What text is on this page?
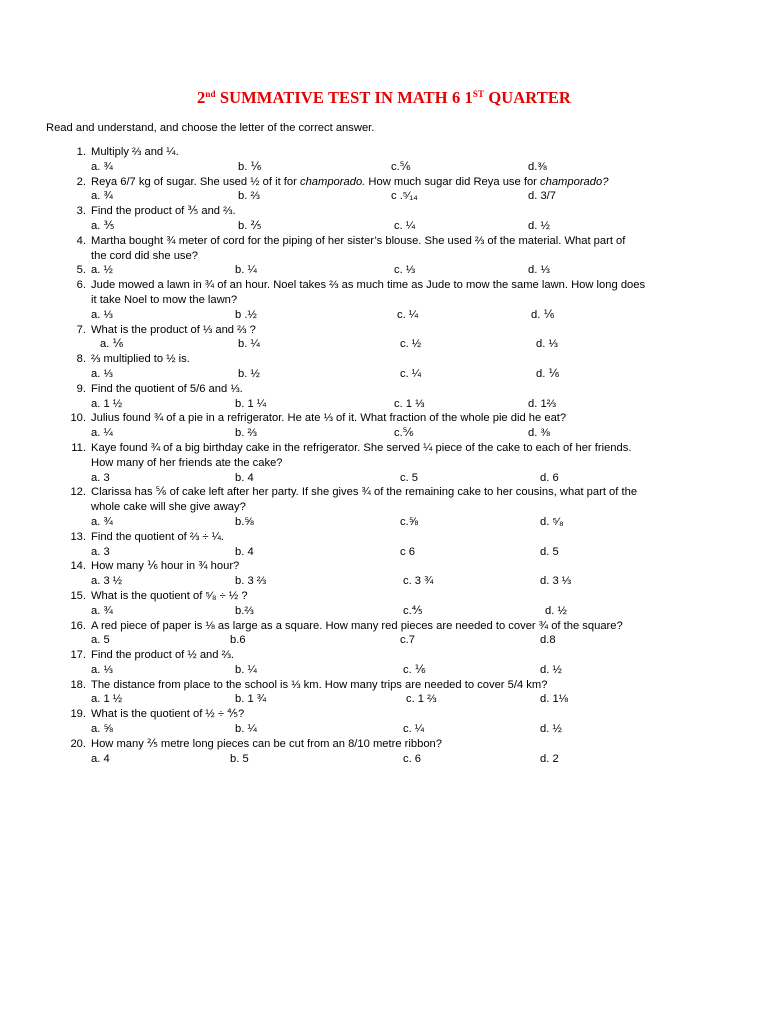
2nd SUMMATIVE TEST IN MATH 6 1ST QUARTER
Read and understand, and choose the letter of the correct answer.
1. Multiply ⅔ and ¼.
a. ¾	b. ⅙	c.⅚	d.⅜
2. Reya 6/7 kg of sugar. She used ½ of it for champorado. How much sugar did Reya use for champorado?
a. ¾	b. ⅔	c .⁵⁄₁₄	d. 3/7
3. Find the product of ⅗ and ⅔.
a. ⅗	b. ⅖	c. ¼	d. ½
4. Martha bought ¾ meter of cord for the piping of her sister’s blouse. She used ⅔ of the material. What part of
the cord did she use?
5. a. ½	b. ¼	c. ⅓	d. ⅓
6. Jude mowed a lawn in ¾ of an hour. Noel takes ⅔ as much time as Jude to mow the same lawn. How long does
it take Noel to mow the lawn?
a. ⅓	b .½	c. ¼	d. ⅙
7. What is the product of ⅓ and ⅔ ?
a. ⅙	b. ¼	c. ½	d. ⅓
8. ⅔ multiplied to ½ is.
a. ⅓	b. ½	c. ¼	d. ⅙
9. Find the quotient of 5/6 and ⅓.
a. 1 ½	b. 1 ¼	c. 1 ⅓	d. 1⅔
10. Julius found ¾ of a pie in a refrigerator. He ate ⅓ of it. What fraction of the whole pie did he eat?
a. ¼	b. ⅔	c.⅚	d. ⅜
11. Kaye found ¾ of a big birthday cake in the refrigerator. She served ¼ piece of the cake to each of her friends.
How many of her friends ate the cake?
a. 3	b. 4	c. 5	d. 6
12. Clarissa has ⅚ of cake left after her party. If she gives ¾ of the remaining cake to her cousins, what part of the
whole cake will she give away?
a. ¾	b.⅝	c.⅝	d. ⁵⁄₈
13. Find the quotient of ⅔ ÷ ¼.
a. 3	b. 4	c 6	d. 5
14. How many ⅙ hour in ¾ hour?
a. 3 ½	b. 3 ⅔	c. 3 ¾	d. 3 ⅓
15. What is the quotient of ⁵⁄₈ ÷ ½ ?
a. ¾	b.⅔	c.⅘	d. ½
16. A red piece of paper is ⅛ as large as a square. How many red pieces are needed to cover ¾ of the square?
a. 5	b.6	c.7	d.8
17. Find the product of ½ and ⅔.
a. ⅓	b. ¼	c. ⅙	d. ½
18. The distance from place to the school is ⅓ km. How many trips are needed to cover 5/4 km?
a. 1 ½	b. 1 ¾	c. 1 ⅔	d. 1⅛
19. What is the quotient of ½ ÷ ⅘?
a. ⅝	b. ¼	c. ¼	d. ½
20. How many ⅖ metre long pieces can be cut from an 8/10 metre ribbon?
a. 4	b. 5	c. 6	d. 2
